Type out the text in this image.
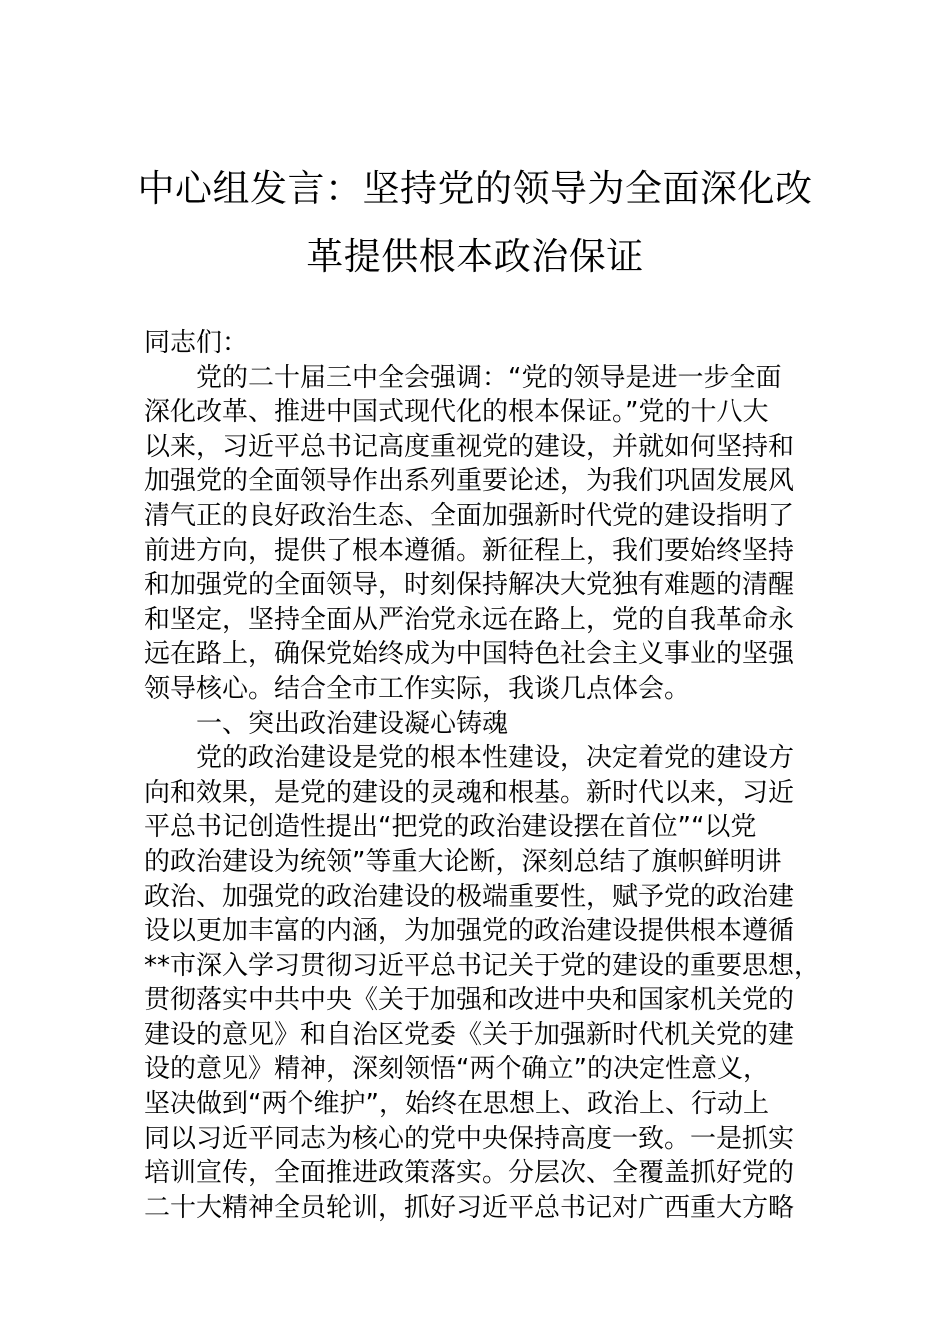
中心组发言：坚持党的领导为全面深化改
革提供根本政治保证
同志们：
党的二十届三中全会强调：“党的领导是进一步全面
深化改革、推进中国式现代化的根本保证。”党的十八大
以来，习近平总书记高度重视党的建设，并就如何坚持和
加强党的全面领导作出系列重要论述，为我们巩固发展风
清气正的良好政治生态、全面加强新时代党的建设指明了
前进方向，提供了根本遵循。新征程上，我们要始终坚持
和加强党的全面领导，时刻保持解决大党独有难题的清醒
和坚定，坚持全面从严治党永远在路上，党的自我革命永
远在路上，确保党始终成为中国特色社会主义事业的坚强
领导核心。结合全市工作实际，我谈几点体会。
一、突出政治建设凝心铸魂
党的政治建设是党的根本性建设，决定着党的建设方
向和效果，是党的建设的灵魂和根基。新时代以来，习近
平总书记创造性提出“把党的政治建设摆在首位”“以党
的政治建设为统领”等重大论断，深刻总结了旗帜鲜明讲
政治、加强党的政治建设的极端重要性，赋予党的政治建
设以更加丰富的内涵，为加强党的政治建设提供根本遵循
**市深入学习贯彻习近平总书记关于党的建设的重要思想，
贯彻落实中共中央《关于加强和改进中央和国家机关党的
建设的意见》和自治区党委《关于加强新时代机关党的建
设的意见》精神，深刻领悟“两个确立”的决定性意义，
坚决做到“两个维护”，始终在思想上、政治上、行动上
同以习近平同志为核心的党中央保持高度一致。一是抓实
培训宣传，全面推进政策落实。分层次、全覆盖抓好党的
二十大精神全员轮训，抓好习近平总书记对广西重大方略
